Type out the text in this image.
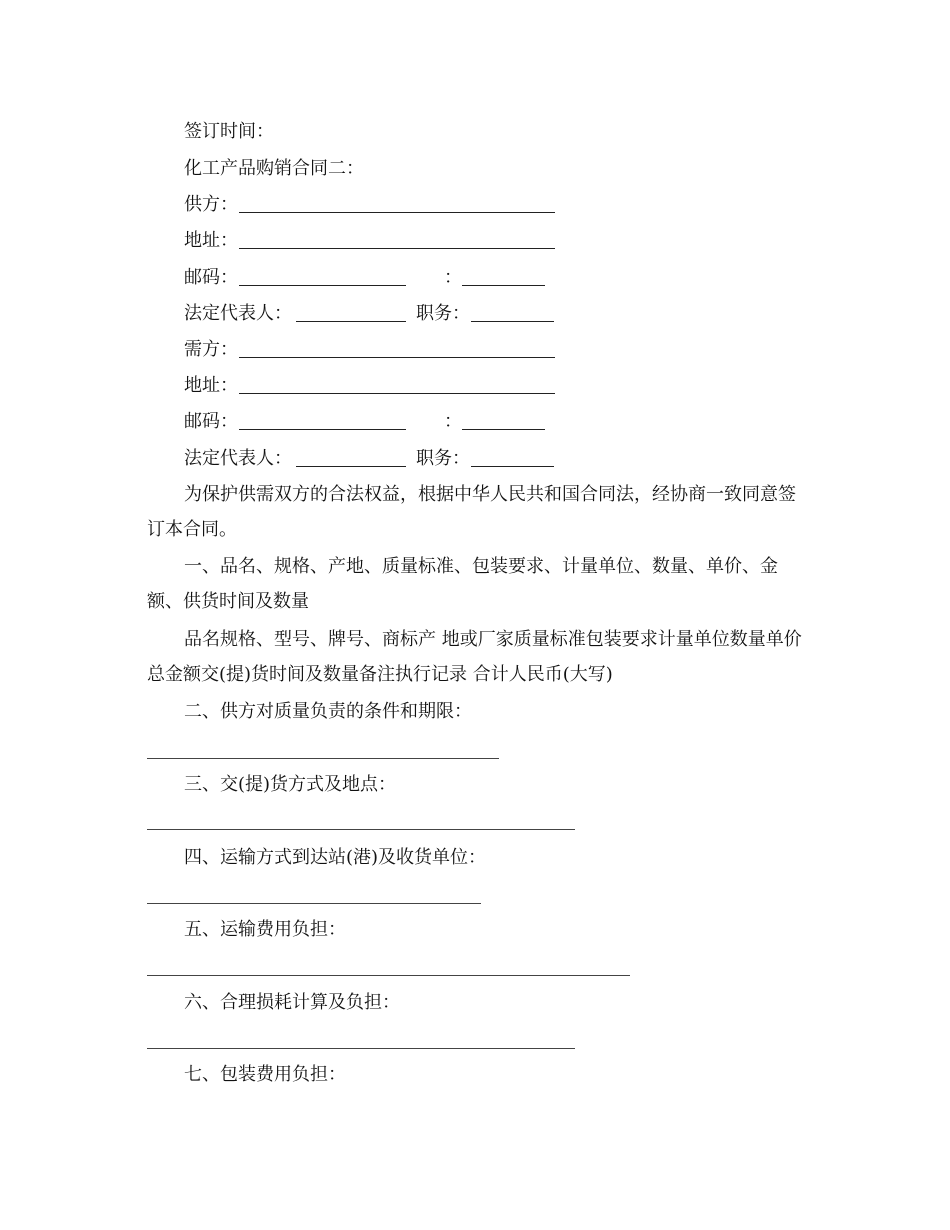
签订时间：
化工产品购销合同二：
供方：
地址：
邮码：	：
法定代表人：	职务：
需方：
地址：
邮码：	：
法定代表人：	职务：
为保护供需双方的合法权益，根据中华人民共和国合同法，经协商一致同意签订本合同。
一、品名、规格、产地、质量标准、包装要求、计量单位、数量、单价、金额、供货时间及数量
品名规格、型号、牌号、商标产 地或厂家质量标准包装要求计量单位数量单价总金额交(提)货时间及数量备注执行记录 合计人民币(大写)
二、供方对质量负责的条件和期限：
三、交(提)货方式及地点：
四、运输方式到达站(港)及收货单位：
五、运输费用负担：
六、合理损耗计算及负担：
七、包装费用负担：
